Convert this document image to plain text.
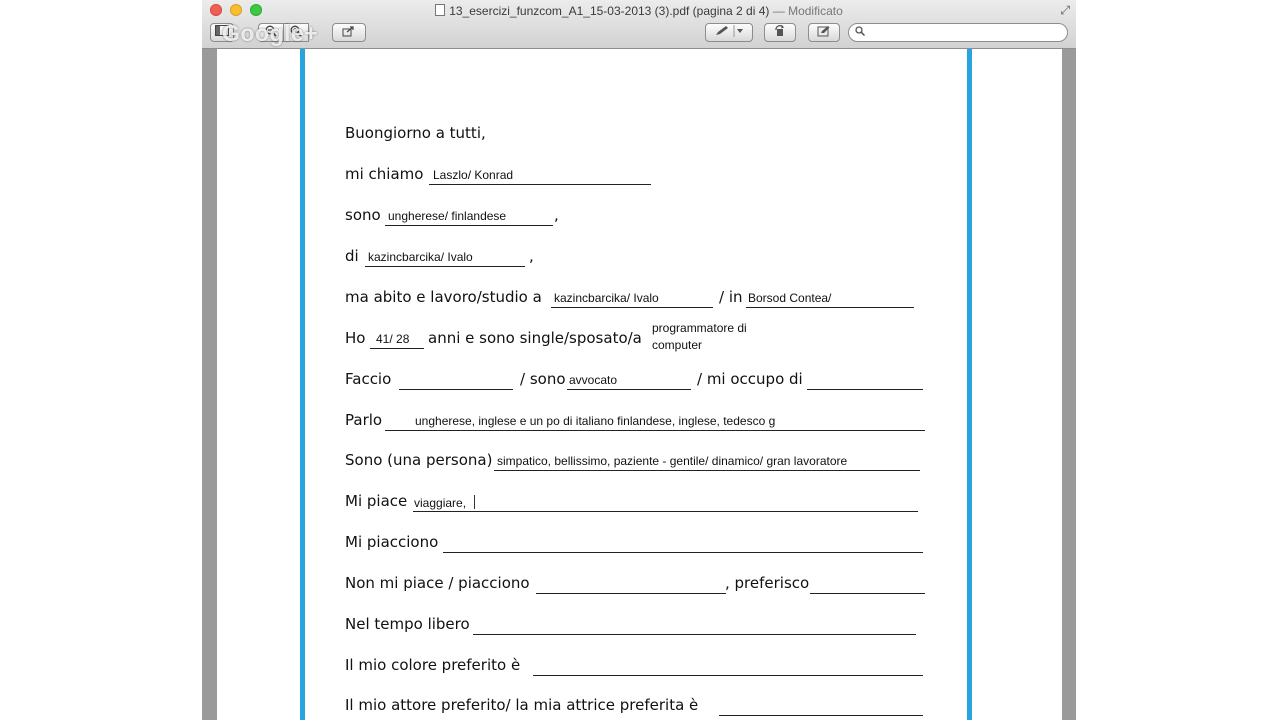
13_esercizi_funzcom_A1_15-03-2013 (3).pdf (pagina 2 di 4) — Modificato	⤢
Google+
Buongiorno a tutti,
mi chiamo Laszlo/ Konrad
sono ungherese/ finlandese	,
di kazincbarcika/ Ivalo	,
ma abito e lavoro/studio a kazincbarcika/ Ivalo	/ in Borsod Contea/
Ho 41/ 28 anni e sono single/sposato/a
programmatore di
computer
Faccio	/ sono avvocato	/ mi occupo di
Parlo	ungherese, inglese e un po di italiano finlandese, inglese, tedesco g
Sono (una persona) simpatico, bellissimo, paziente - gentile/ dinamico/ gran lavoratore
Mi piace viaggiare,
Mi piacciono
Non mi piace / piacciono	, preferisco
Nel tempo libero
Il mio colore preferito è
Il mio attore preferito/ la mia attrice preferita è
